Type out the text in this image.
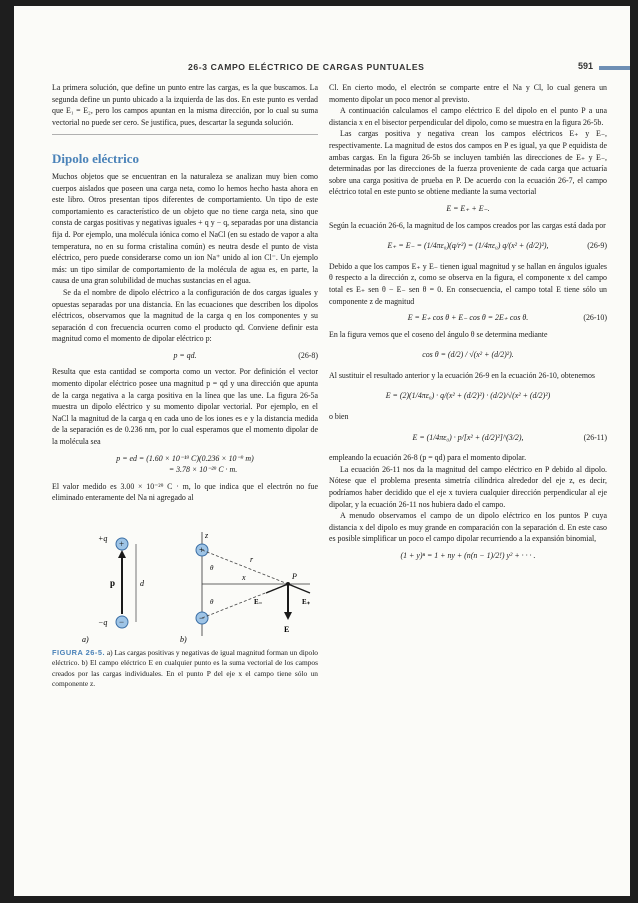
26-3 CAMPO ELÉCTRICO DE CARGAS PUNTUALES	591

La primera solución, que define un punto entre las cargas, es la que buscamos. La segunda define un punto ubicado a la izquierda de las dos. En este punto es verdad que E₁ = E₂, pero los campos apuntan en la misma dirección, por lo cual su suma vectorial no puede ser cero. Se justifica, pues, descartar la segunda solución.

Dipolo eléctrico

Muchos objetos que se encuentran en la naturaleza se analizan muy bien como cuerpos aislados que poseen una carga neta, como lo hemos hecho hasta ahora en este libro. Otros presentan tipos diferentes de comportamiento. Un tipo de este comportamiento es característico de un objeto que no tiene carga neta, sino que consta de cargas positivas y negativas iguales + q y − q, separadas por una distancia fija d. Por ejemplo, una molécula iónica como el NaCl (en su estado de vapor a alta temperatura, no en su forma cristalina común) es neutra desde el punto de vista eléctrico, pero puede considerarse como un ion Na⁺ unido al ion Cl⁻. Un ejemplo más: un tipo similar de comportamiento de la molécula de agua es, en parte, la causa de una gran solubilidad de muchas sustancias en el agua.

Se da el nombre de dipolo eléctrico a la configuración de dos cargas iguales y opuestas separadas por una distancia. En las ecuaciones que describen los dipolos eléctricos, observamos que la magnitud de la carga q en los componentes y su separación d con frecuencia ocurren como el producto qd. Conviene definir esta magnitud como el momento de dipolar eléctrico p:

p = qd.	(26-8)

Resulta que esta cantidad se comporta como un vector. Por definición el vector momento dipolar eléctrico posee una magnitud p = qd y una dirección que apunta de la carga negativa a la carga positiva en la línea que las une. La figura 26-5a muestra un dipolo eléctrico y su momento dipolar vectorial. Por ejemplo, en el NaCl la magnitud de la carga q en cada uno de los iones es e y la distancia medida de la separación es de 0.236 nm, por lo cual esperamos que el momento dipolar de la molécula sea

p = ed = (1.60 × 10⁻¹⁹ C)(0.236 × 10⁻⁹ m)
= 3.78 × 10⁻²⁹ C · m.

El valor medido es 3.00 × 10⁻²⁹ C · m, lo que indica que el electrón no fue eliminado enteramente del Na ni agregado al

+
−
+q
−q
p	d
a)
+
−
z
r
x	P
θ
θ	E₊
E₋
E
b)
FIGURA 26-5. a) Las cargas positivas y negativas de igual magnitud forman un dipolo eléctrico. b) El campo eléctrico E en cualquier punto es la suma vectorial de los campos creados por las cargas individuales. En el punto P del eje x el campo tiene sólo un componente z.

Cl. En cierto modo, el electrón se comparte entre el Na y Cl, lo cual genera un momento dipolar un poco menor al previsto.

A continuación calculamos el campo eléctrico E del dipolo en el punto P a una distancia x en el bisector perpendicular del dipolo, como se muestra en la figura 26-5b.

Las cargas positiva y negativa crean los campos eléctricos E₊ y E₋, respectivamente. La magnitud de estos dos campos en P es igual, ya que P equidista de ambas cargas. En la figura 26-5b se incluyen también las direcciones de E₊ y E₋, determinadas por las direcciones de la fuerza proveniente de cada carga que actuaría sobre una carga positiva de prueba en P. De acuerdo con la ecuación 26-7, el campo eléctrico total en este punto se obtiene mediante la suma vectorial

E = E₊ + E₋.

Según la ecuación 26-6, la magnitud de los campos creados por las cargas está dada por

E₊ = E₋ = (1/4πε₀)(q/r²) = (1/4πε₀) q/(x² + (d/2)²),	(26-9)

Debido a que los campos E₊ y E₋ tienen igual magnitud y se hallan en ángulos iguales θ respecto a la dirección z, como se observa en la figura, el componente x del campo total es E₊ sen θ − E₋ sen θ = 0. En consecuencia, el campo total E tiene sólo un componente z de magnitud

E = E₊ cos θ + E₋ cos θ = 2E₊ cos θ.	(26-10)

En la figura vemos que el coseno del ángulo θ se determina mediante

cos θ = (d/2) / √(x² + (d/2)²).

Al sustituir el resultado anterior y la ecuación 26-9 en la ecuación 26-10, obtenemos

E = (2)(1/4πε₀) · q/(x² + (d/2)²) · (d/2)/√(x² + (d/2)²)

o bien

E = (1/4πε₀) · p/[x² + (d/2)²]^(3/2),	(26-11)

empleando la ecuación 26-8 (p = qd) para el momento dipolar.

La ecuación 26-11 nos da la magnitud del campo eléctrico en P debido al dipolo. Nótese que el problema presenta simetría cilíndrica alrededor del eje z, es decir, podríamos haber decidido que el eje x tuviera cualquier dirección perpendicular al eje dipolar, y la ecuación 26-11 nos hubiera dado el campo.

A menudo observamos el campo de un dipolo eléctrico en los puntos P cuya distancia x del dipolo es muy grande en comparación con la separación d. En este caso es posible simplificar un poco el campo dipolar recurriendo a la expansión binomial,

(1 + y)ⁿ = 1 + ny + (n(n − 1)/2!) y² + · · · .
